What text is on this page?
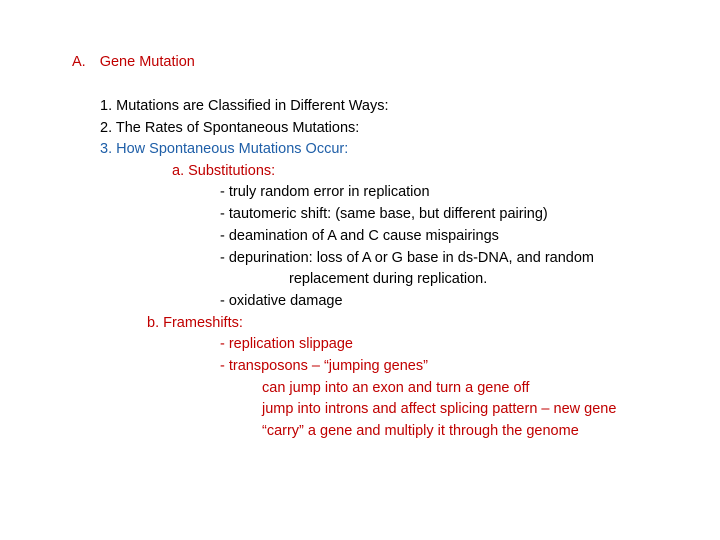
A. Gene Mutation
1. Mutations are Classified in Different Ways:
2. The Rates of Spontaneous Mutations:
3. How Spontaneous Mutations Occur:
a. Substitutions:
- truly random error in replication
- tautomeric shift: (same base, but different pairing)
- deamination of A and C cause mispairings
- depurination: loss of A or G base in ds-DNA, and random
replacement during replication.
- oxidative damage
b. Frameshifts:
- replication slippage
- transposons – “jumping genes”
can jump into an exon and turn a gene off
jump into introns and affect splicing pattern – new gene
“carry” a gene and multiply it through the genome
